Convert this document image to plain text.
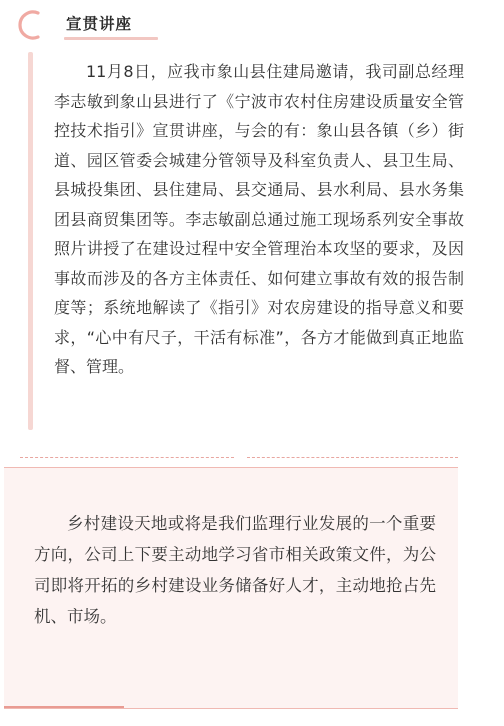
宣贯讲座

11月8日，应我市象山县住建局邀请，我司副总经理李志敏到象山县进行了《宁波市农村住房建设质量安全管控技术指引》宣贯讲座，与会的有：象山县各镇（乡）街道、园区管委会城建分管领导及科室负责人、县卫生局、县城投集团、县住建局、县交通局、县水利局、县水务集团县商贸集团等。李志敏副总通过施工现场系列安全事故照片讲授了在建设过程中安全管理治本攻坚的要求，及因事故而涉及的各方主体责任、如何建立事故有效的报告制度等；系统地解读了《指引》对农房建设的指导意义和要求，“心中有尺子，干活有标准”，各方才能做到真正地监督、管理。

乡村建设天地或将是我们监理行业发展的一个重要方向，公司上下要主动地学习省市相关政策文件，为公司即将开拓的乡村建设业务储备好人才，主动地抢占先机、市场。
